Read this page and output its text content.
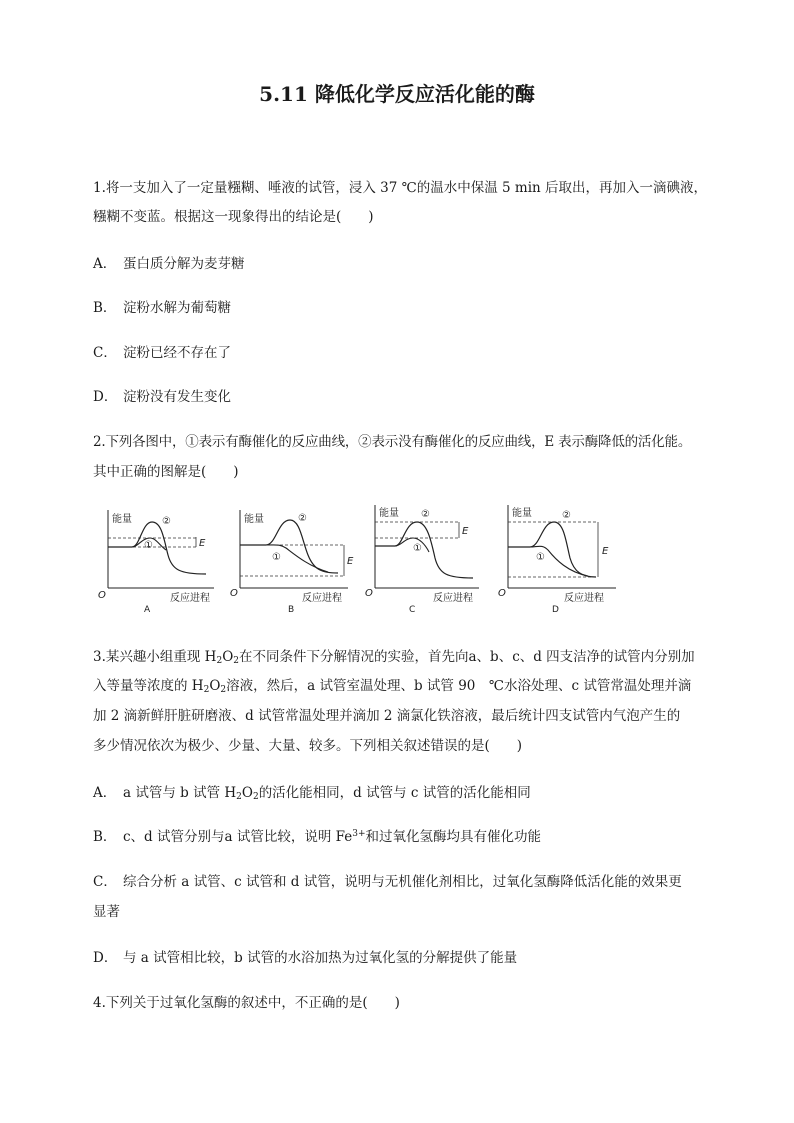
5.11 降低化学反应活化能的酶
1.将一支加入了一定量糨糊、唾液的试管，浸入 37 ℃的温水中保温 5 min 后取出，再加入一滴碘液，
糨糊不变蓝。根据这一现象得出的结论是(　　)
A． 蛋白质分解为麦芽糖
B． 淀粉水解为葡萄糖
C． 淀粉已经不存在了
D． 淀粉没有发生变化
2.下列各图中，①表示有酶催化的反应曲线，②表示没有酶催化的反应曲线，E 表示酶降低的活化能。
其中正确的图解是(　　)
能量
O	反应进程
A
②
①	E
能量
O	反应进程
B
②
①	E
能量
O	反应进程
C
②
①
E
能量
O	反应进程
D
②
①
E
3.某兴趣小组重现 $H_2O_2$在不同条件下分解情况的实验，首先向a、b、c、d 四支洁净的试管内分别加
入等量等浓度的 $H_2O_2$溶液，然后，a 试管室温处理、b 试管 90　℃水浴处理、c 试管常温处理并滴
加 2 滴新鲜肝脏研磨液、d 试管常温处理并滴加 2 滴氯化铁溶液，最后统计四支试管内气泡产生的
多少情况依次为极少、少量、大量、较多。下列相关叙述错误的是(　　)
A． a 试管与 b 试管 $H_2O_2$的活化能相同，d 试管与 c 试管的活化能相同
B． c、d 试管分别与a 试管比较，说明 $Fe^{3+}$和过氧化氢酶均具有催化功能
C． 综合分析 a 试管、c 试管和 d 试管，说明与无机催化剂相比，过氧化氢酶降低活化能的效果更
显著
D． 与 a 试管相比较，b 试管的水浴加热为过氧化氢的分解提供了能量
4.下列关于过氧化氢酶的叙述中，不正确的是(　　)
